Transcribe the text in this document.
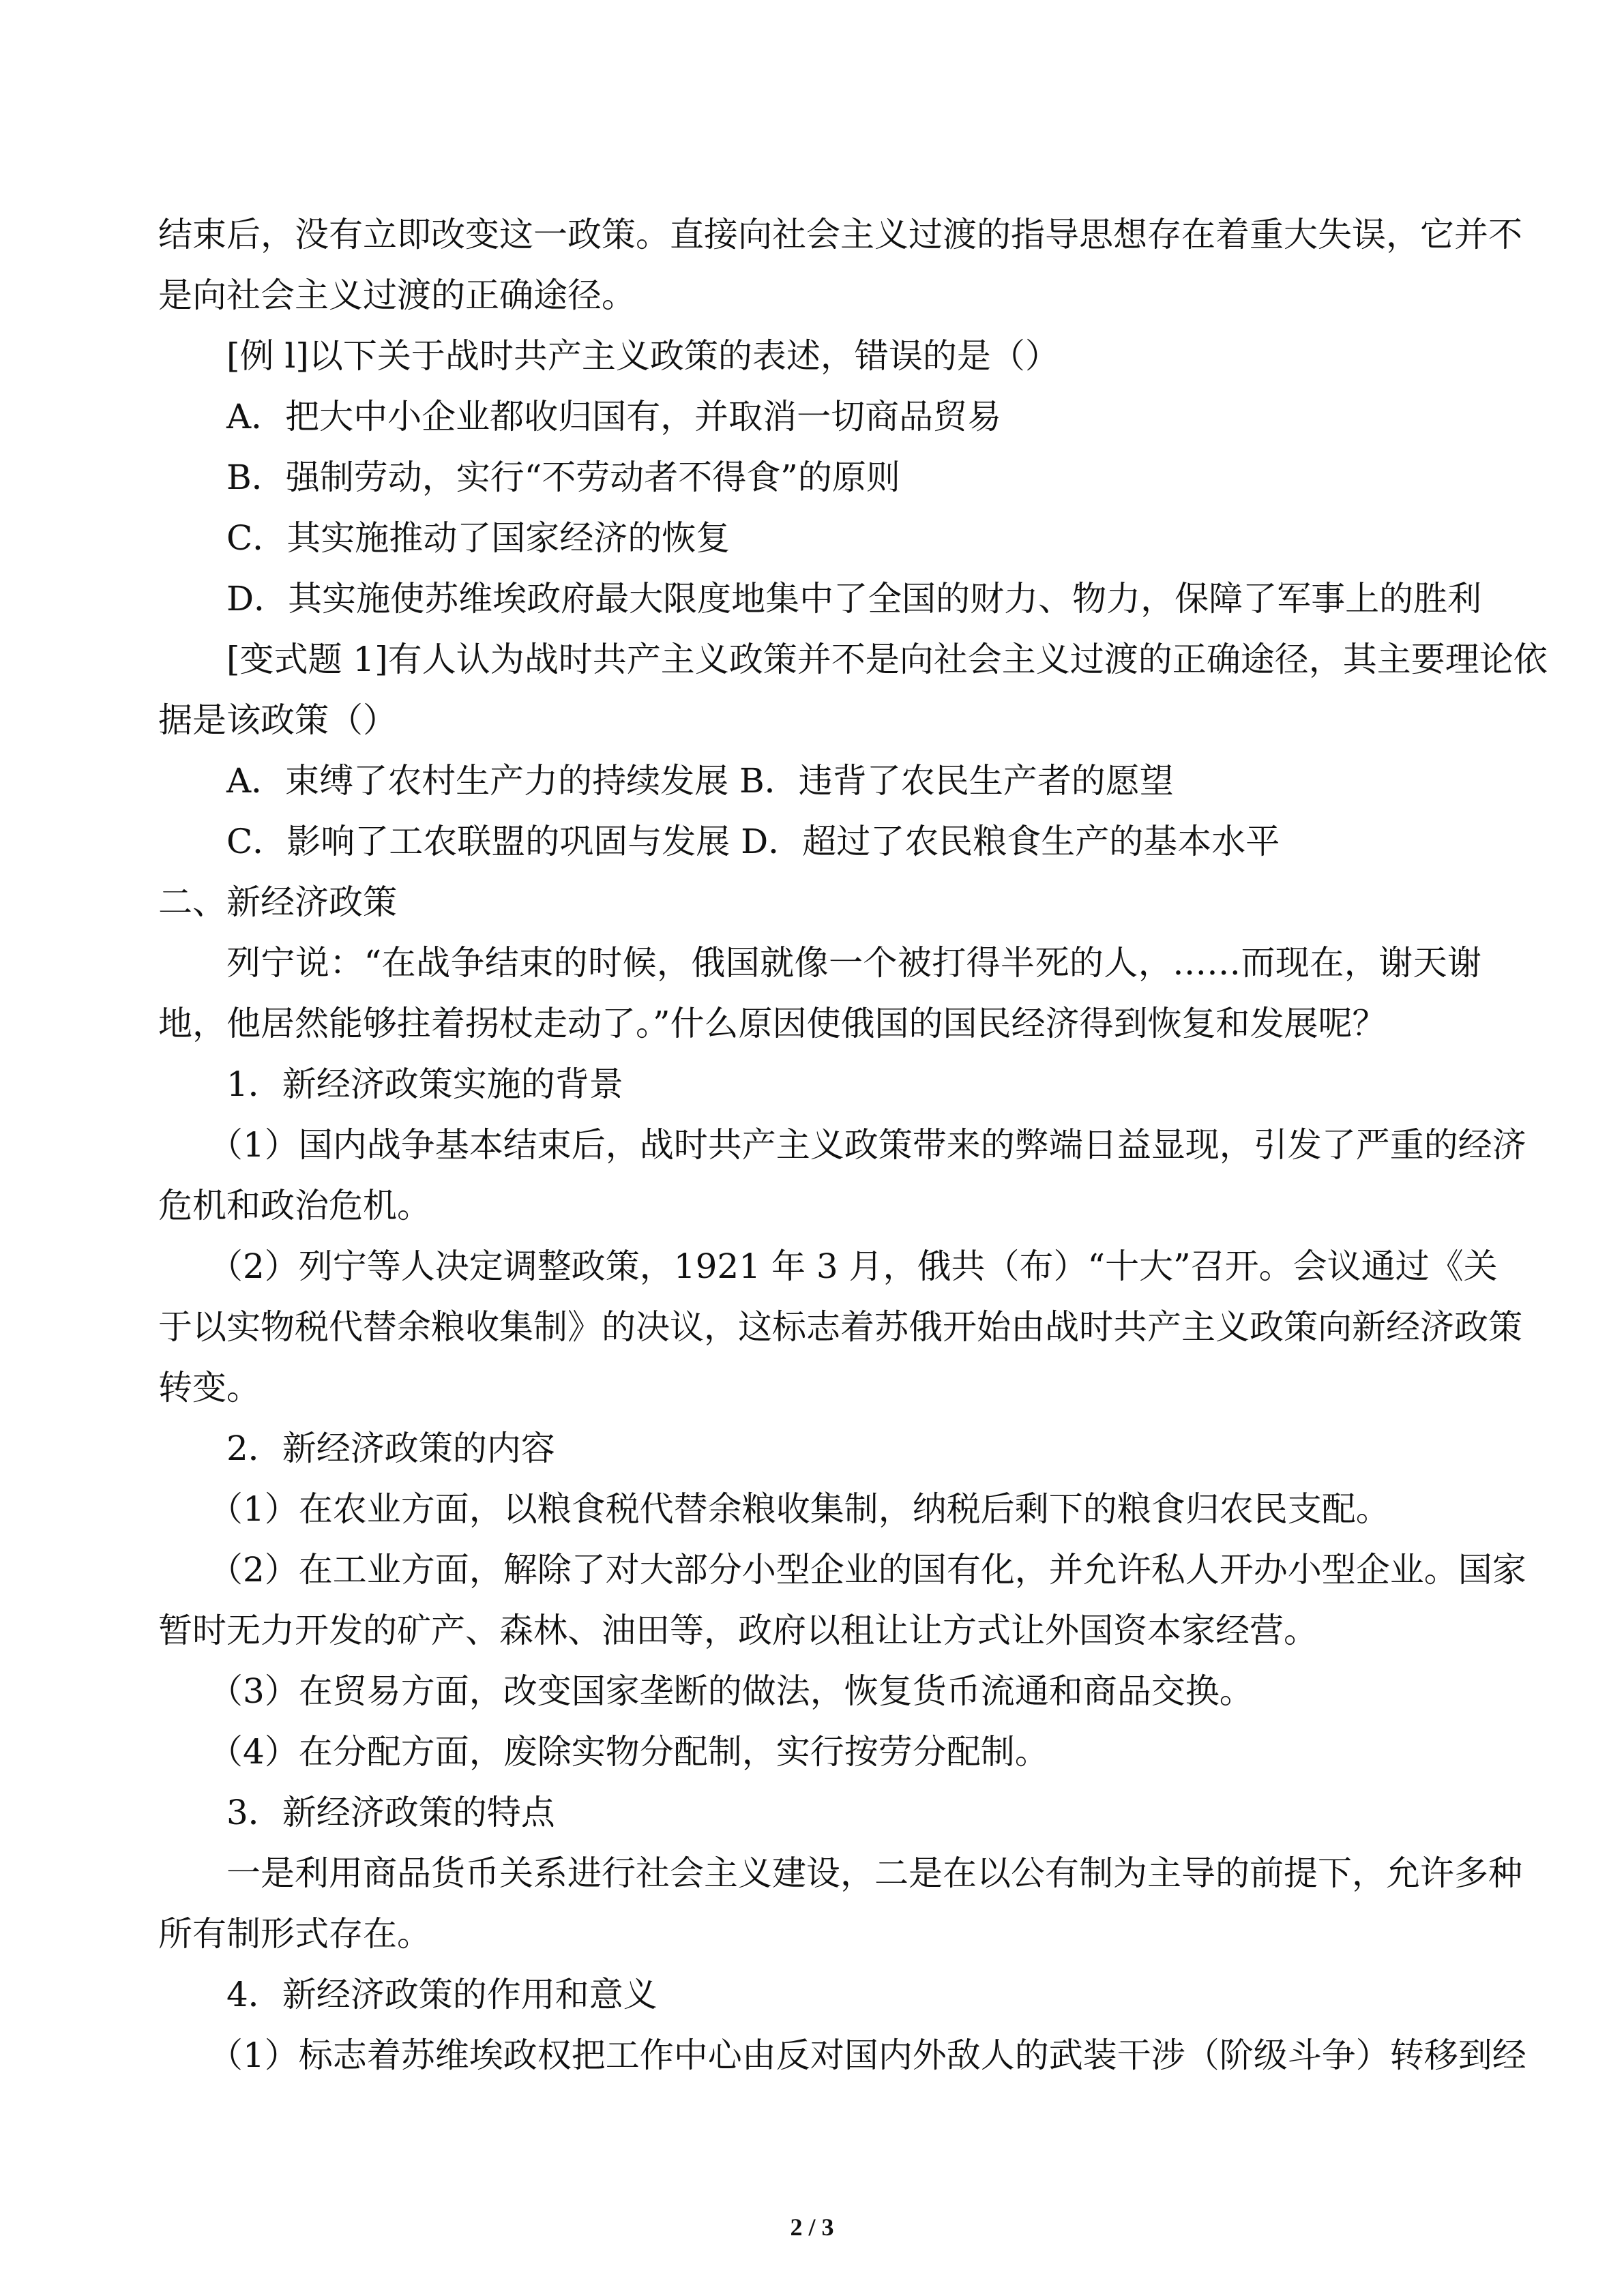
结束后，没有立即改变这一政策。直接向社会主义过渡的指导思想存在着重大失误，它并不
是向社会主义过渡的正确途径。
[例 l]以下关于战时共产主义政策的表述，错误的是（）
A．把大中小企业都收归国有，并取消一切商品贸易
B．强制劳动，实行“不劳动者不得食”的原则
C．其实施推动了国家经济的恢复
D．其实施使苏维埃政府最大限度地集中了全国的财力、物力，保障了军事上的胜利
[变式题 1]有人认为战时共产主义政策并不是向社会主义过渡的正确途径，其主要理论依
据是该政策（）
A．束缚了农村生产力的持续发展 B．违背了农民生产者的愿望
C．影响了工农联盟的巩固与发展 D．超过了农民粮食生产的基本水平
二、新经济政策
列宁说：“在战争结束的时候，俄国就像一个被打得半死的人，……而现在，谢天谢
地，他居然能够拄着拐杖走动了。”什么原因使俄国的国民经济得到恢复和发展呢？
1．新经济政策实施的背景
（1）国内战争基本结束后，战时共产主义政策带来的弊端日益显现，引发了严重的经济
危机和政治危机。
（2）列宁等人决定调整政策，1921 年 3 月，俄共（布）“十大”召开。会议通过《关
于以实物税代替余粮收集制》的决议，这标志着苏俄开始由战时共产主义政策向新经济政策
转变。
2．新经济政策的内容
（1）在农业方面，以粮食税代替余粮收集制，纳税后剩下的粮食归农民支配。
（2）在工业方面，解除了对大部分小型企业的国有化，并允许私人开办小型企业。国家
暂时无力开发的矿产、森林、油田等，政府以租让让方式让外国资本家经营。
（3）在贸易方面，改变国家垄断的做法，恢复货币流通和商品交换。
（4）在分配方面，废除实物分配制，实行按劳分配制。
3．新经济政策的特点
一是利用商品货币关系进行社会主义建设，二是在以公有制为主导的前提下，允许多种
所有制形式存在。
4．新经济政策的作用和意义
（1）标志着苏维埃政权把工作中心由反对国内外敌人的武装干涉（阶级斗争）转移到经
2 / 3
